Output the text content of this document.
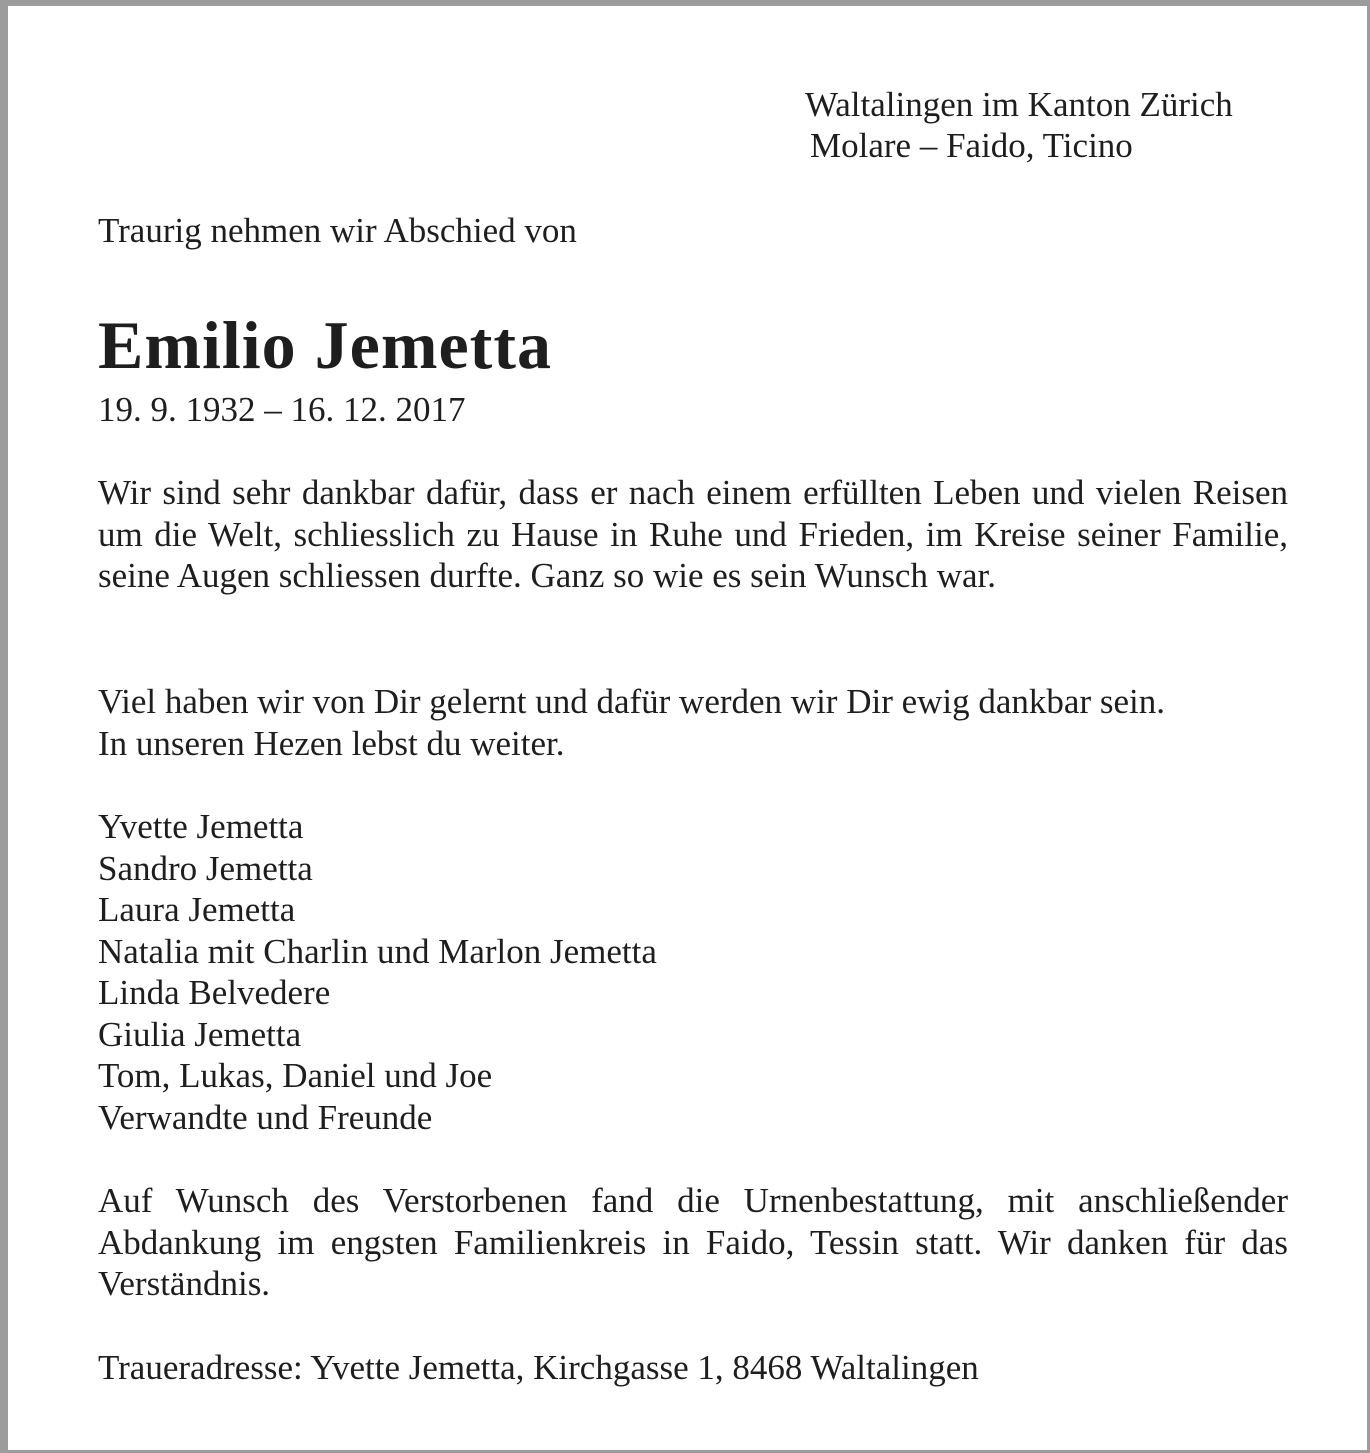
Waltalingen im Kanton Zürich
Molare – Faido, Ticino
Traurig nehmen wir Abschied von
Emilio Jemetta
19. 9. 1932 – 16. 12. 2017
Wir sind sehr dankbar dafür, dass er nach einem erfüllten Leben und vielen Reisen um die Welt, schliesslich zu Hause in Ruhe und Frieden, im Kreise seiner Familie, seine Augen schliessen durfte. Ganz so wie es sein Wunsch war.
Viel haben wir von Dir gelernt und dafür werden wir Dir ewig dankbar sein.
In unseren Hezen lebst du weiter.
Yvette Jemetta
Sandro Jemetta
Laura Jemetta
Natalia mit Charlin und Marlon Jemetta
Linda Belvedere
Giulia Jemetta
Tom, Lukas, Daniel und Joe
Verwandte und Freunde
Auf Wunsch des Verstorbenen fand die Urnenbestattung, mit anschließender Abdankung im engsten Familienkreis in Faido, Tessin statt. Wir danken für das Verständnis.
Traueradresse: Yvette Jemetta, Kirchgasse 1, 8468 Waltalingen
